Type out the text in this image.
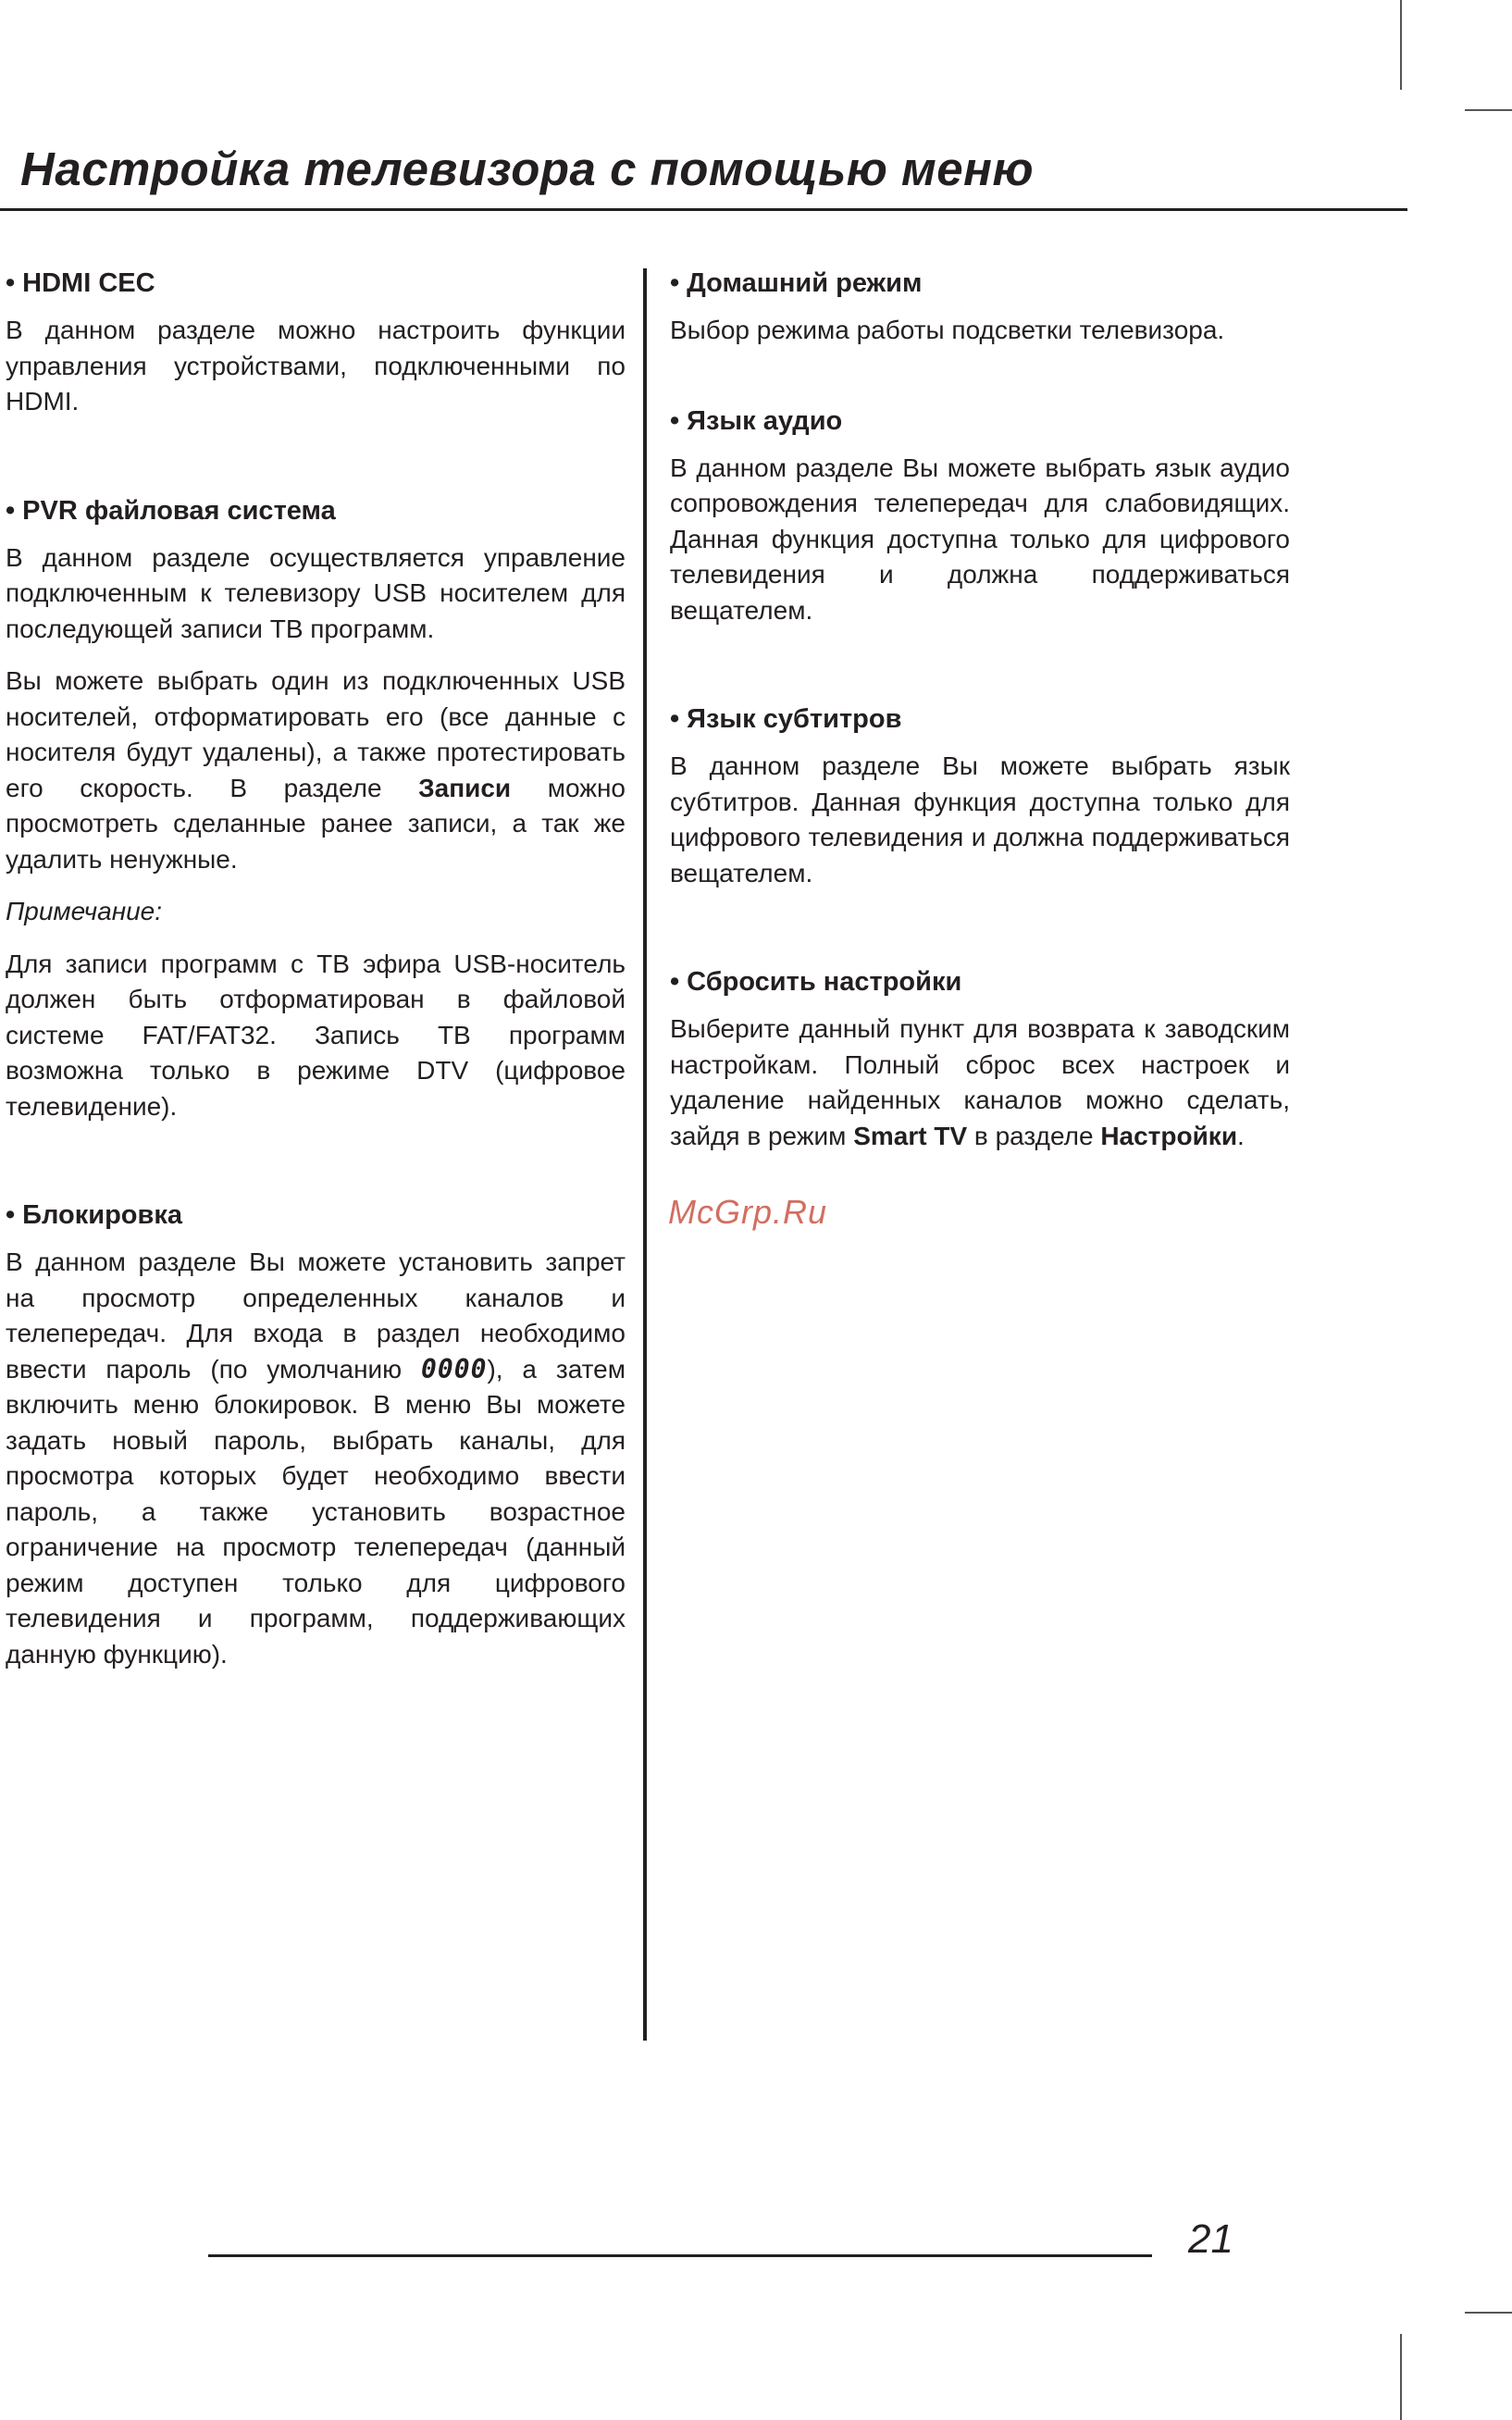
Настройка телевизора с помощью меню

• HDMI CEC

В данном разделе можно настроить функции управления устройствами, подключенными по HDMI.

• PVR файловая система

В данном разделе осуществляется управление подключенным к телевизору USB носителем для последующей записи ТВ программ.

Вы можете выбрать один из подключенных USB носителей, отформатировать его (все данные с носителя будут удалены), а также протестировать его скорость. В разделе Записи можно просмотреть сделанные ранее записи, а так же удалить ненужные.

Примечание:

Для записи программ с ТВ эфира USB-носитель должен быть отформатирован в файловой системе FAT/FAT32. Запись ТВ программ возможна только в режиме DTV (цифровое телевидение).

• Блокировка

В данном разделе Вы можете установить запрет на просмотр определенных каналов и телепередач. Для входа в раздел необходимо ввести пароль (по умолчанию 0000), а затем включить меню блокировок. В меню Вы можете задать новый пароль, выбрать каналы, для просмотра которых будет необходимо ввести пароль, а также установить возрастное ограничение на просмотр телепередач (данный режим доступен только для цифрового телевидения и программ, поддерживающих данную функцию).

• Домашний режим

Выбор режима работы подсветки телевизора.

• Язык аудио

В данном разделе Вы можете выбрать язык аудио сопровождения телепередач для слабовидящих. Данная функция доступна только для цифрового телевидения и должна поддерживаться вещателем.

• Язык субтитров

В данном разделе Вы можете выбрать язык субтитров. Данная функция доступна только для цифрового телевидения и должна поддерживаться вещателем.

• Сбросить настройки

Выберите данный пункт для возврата к заводским настройкам. Полный сброс всех настроек и удаление найденных каналов можно сделать, зайдя в режим Smart TV в разделе Настройки.

McGrp.Ru
21
